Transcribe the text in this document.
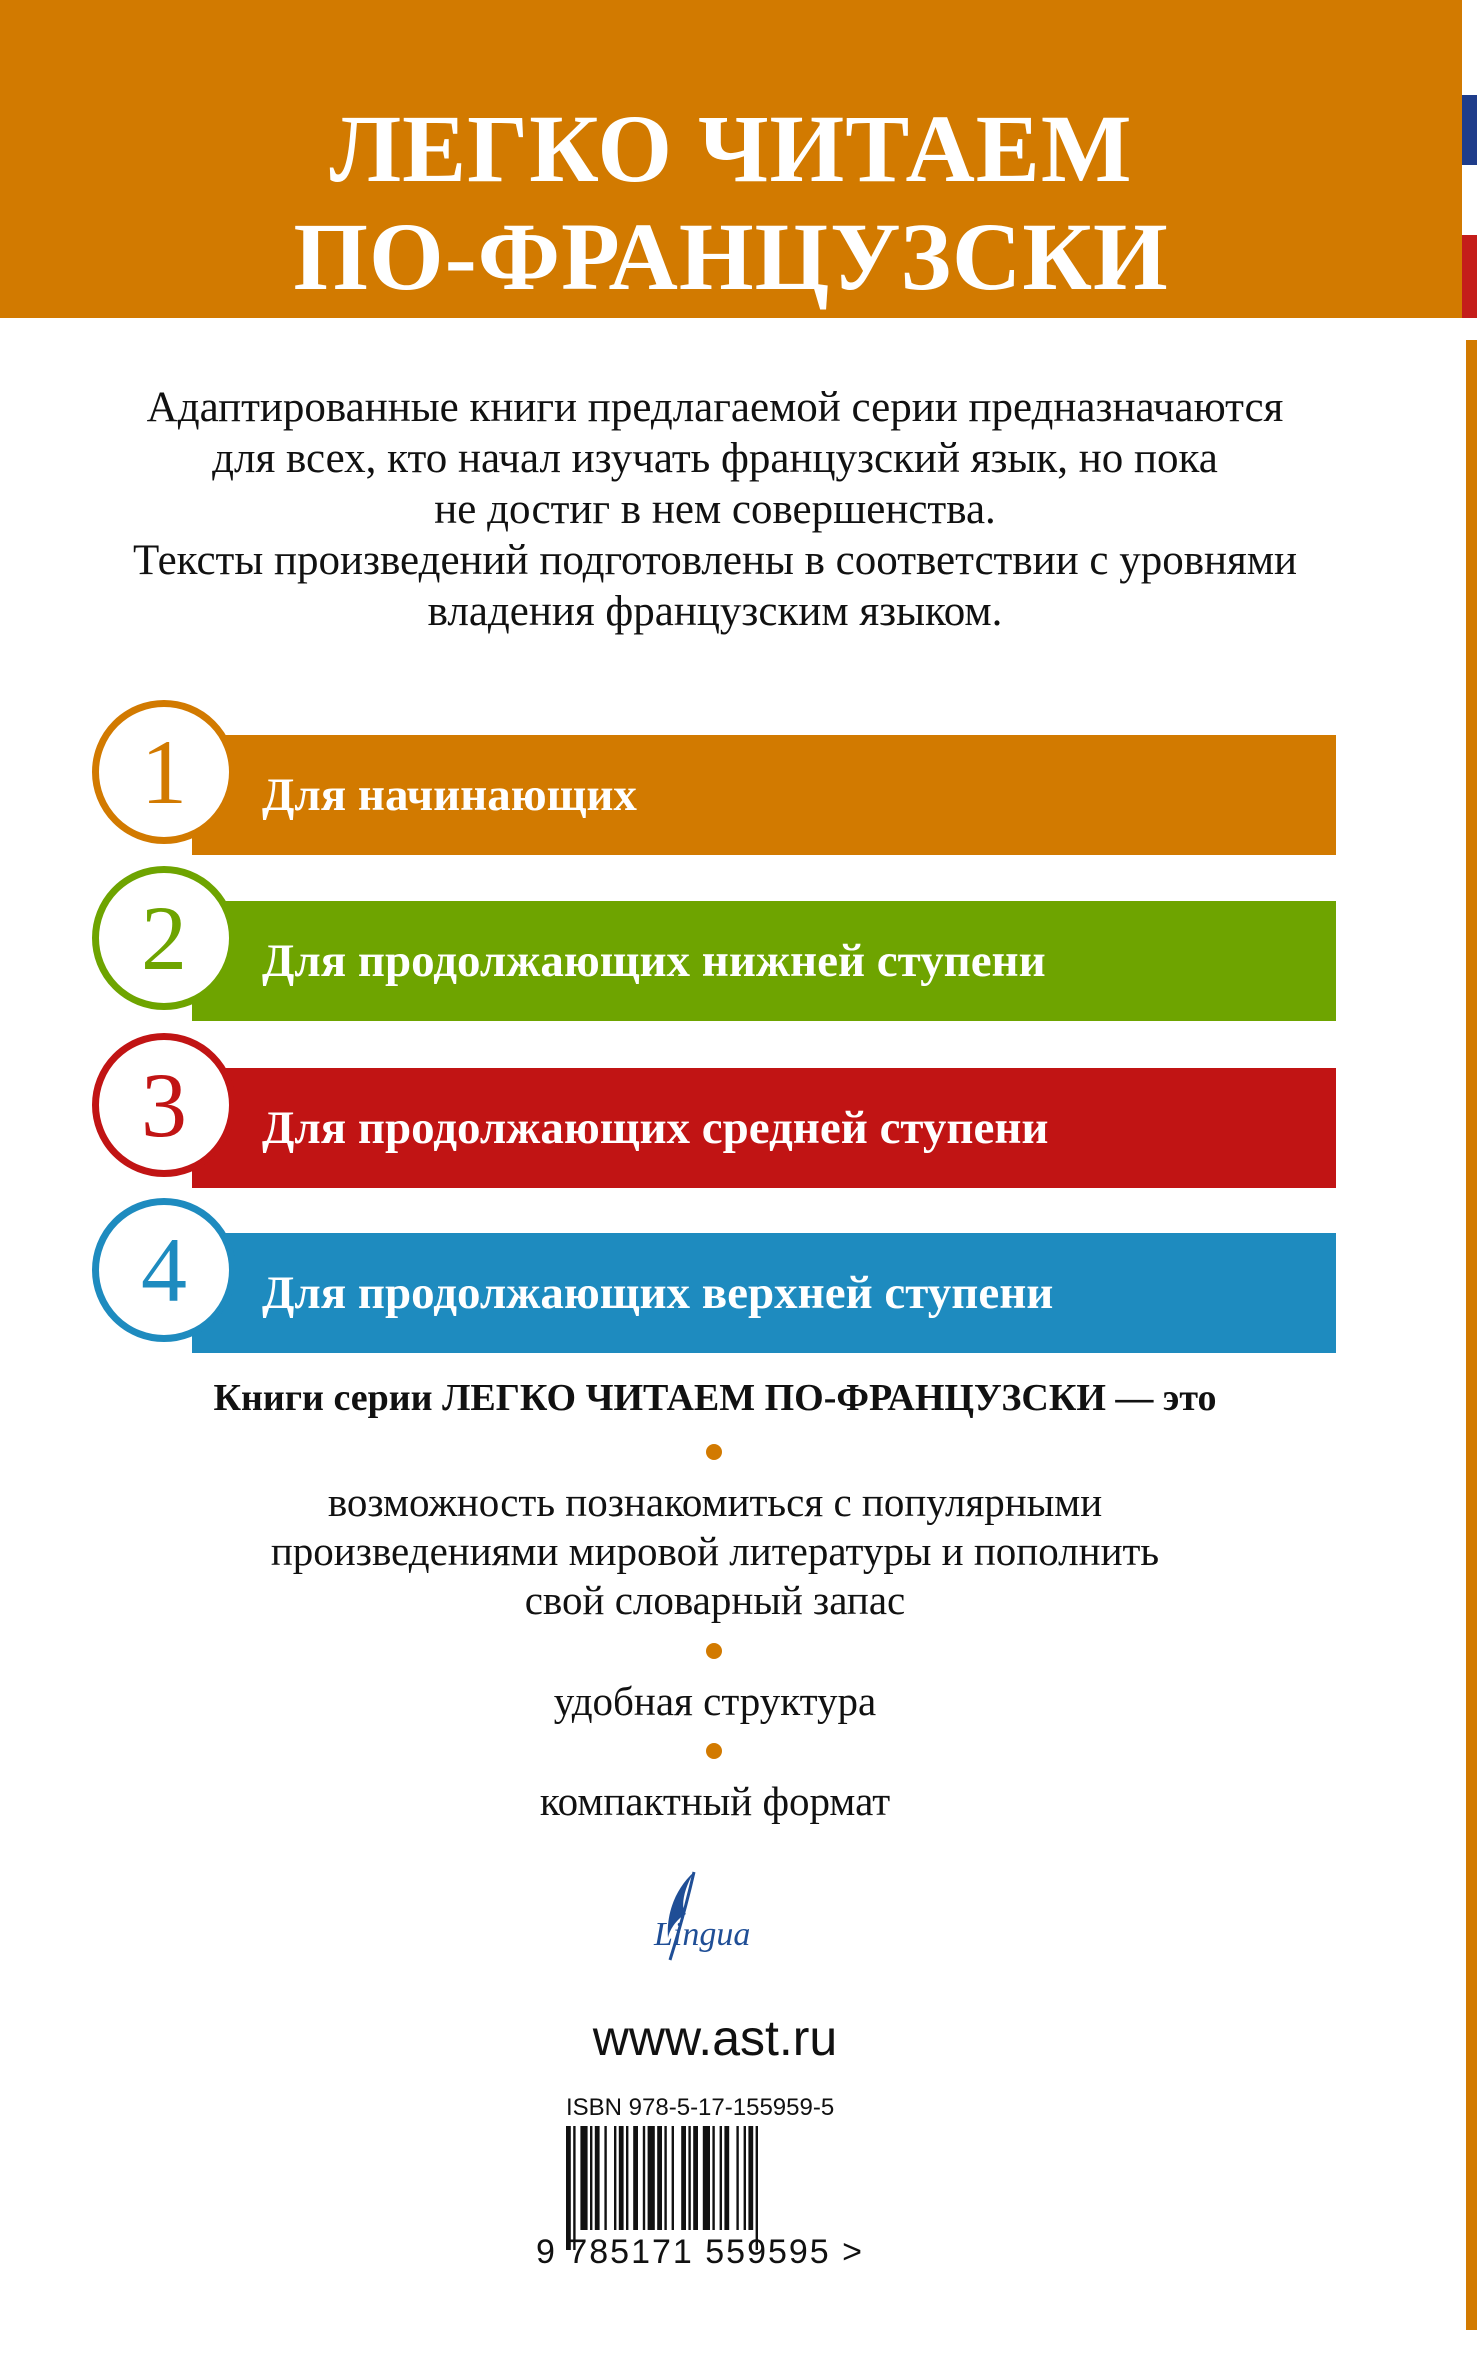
ЛЕГКО ЧИТАЕМ
ПО-ФРАНЦУЗСКИ
Адаптированные книги предлагаемой серии предназначаются
для всех, кто начал изучать французский язык, но пока
не достиг в нем совершенства.
Тексты произведений подготовлены в соответствии с уровнями
владения французским языком.
1	Для начинающих
2	Для продолжающих нижней ступени
3	Для продолжающих средней ступени
4	Для продолжающих верхней ступени
Книги серии ЛЕГКО ЧИТАЕМ ПО-ФРАНЦУЗСКИ — это
возможность познакомиться с популярными
произведениями мировой литературы и пополнить
свой словарный запас
удобная структура
компактный формат
Lingua
www.ast.ru
ISBN 978-5-17-155959-5
9 785171 559595 >
